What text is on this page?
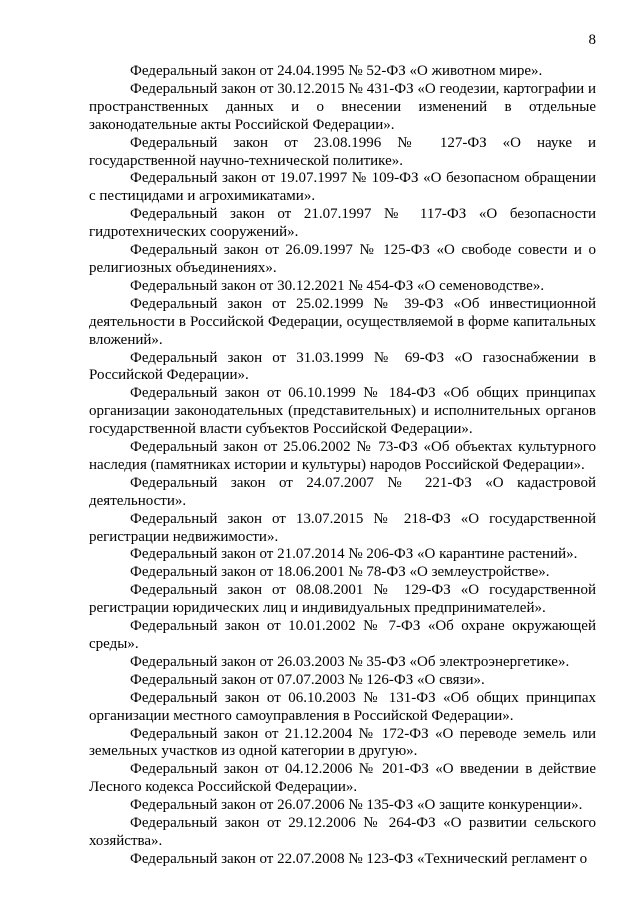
8

Федеральный закон от 24.04.1995 № 52-ФЗ «О животном мире».

Федеральный закон от 30.12.2015 № 431-ФЗ «О геодезии, картографии и пространственных данных и о внесении изменений в отдельные законодательные акты Российской Федерации».

Федеральный закон от 23.08.1996 № 127-ФЗ «О науке и государственной научно-технической политике».

Федеральный закон от 19.07.1997 № 109-ФЗ «О безопасном обращении с пестицидами и агрохимикатами».

Федеральный закон от 21.07.1997 № 117-ФЗ «О безопасности гидротехнических сооружений».

Федеральный закон от 26.09.1997 № 125-ФЗ «О свободе совести и о религиозных объединениях».

Федеральный закон от 30.12.2021 № 454-ФЗ «О семеноводстве».

Федеральный закон от 25.02.1999 № 39-ФЗ «Об инвестиционной деятельности в Российской Федерации, осуществляемой в форме капитальных вложений».

Федеральный закон от 31.03.1999 № 69-ФЗ «О газоснабжении в Российской Федерации».

Федеральный закон от 06.10.1999 № 184-ФЗ «Об общих принципах организации законодательных (представительных) и исполнительных органов государственной власти субъектов Российской Федерации».

Федеральный закон от 25.06.2002 № 73-ФЗ «Об объектах культурного наследия (памятниках истории и культуры) народов Российской Федерации».

Федеральный закон от 24.07.2007 № 221-ФЗ «О кадастровой деятельности».

Федеральный закон от 13.07.2015 № 218-ФЗ «О государственной регистрации недвижимости».

Федеральный закон от 21.07.2014 № 206-ФЗ «О карантине растений».

Федеральный закон от 18.06.2001 № 78-ФЗ «О землеустройстве».

Федеральный закон от 08.08.2001 № 129-ФЗ «О государственной регистрации юридических лиц и индивидуальных предпринимателей».

Федеральный закон от 10.01.2002 № 7-ФЗ «Об охране окружающей среды».

Федеральный закон от 26.03.2003 № 35-ФЗ «Об электроэнергетике».

Федеральный закон от 07.07.2003 № 126-ФЗ «О связи».

Федеральный закон от 06.10.2003 № 131-ФЗ «Об общих принципах организации местного самоуправления в Российской Федерации».

Федеральный закон от 21.12.2004 № 172-ФЗ «О переводе земель или земельных участков из одной категории в другую».

Федеральный закон от 04.12.2006 № 201-ФЗ «О введении в действие Лесного кодекса Российской Федерации».

Федеральный закон от 26.07.2006 № 135-ФЗ «О защите конкуренции».

Федеральный закон от 29.12.2006 № 264-ФЗ «О развитии сельского хозяйства».

Федеральный закон от 22.07.2008 № 123-ФЗ «Технический регламент о
